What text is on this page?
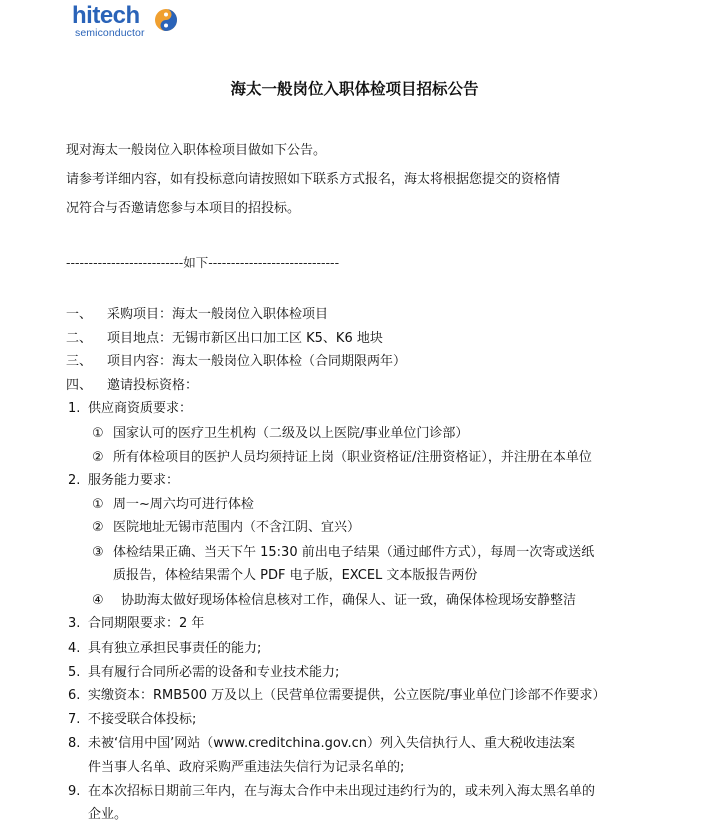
hitech
semiconductor
海太一般岗位入职体检项目招标公告
现对海太一般岗位入职体检项目做如下公告。
请参考详细内容，如有投标意向请按照如下联系方式报名，海太将根据您提交的资格情
况符合与否邀请您参与本项目的招投标。
--------------------------如下-----------------------------
一、 采购项目：海太一般岗位入职体检项目
二、 项目地点：无锡市新区出口加工区 K5、K6 地块
三、 项目内容：海太一般岗位入职体检（合同期限两年）
四、 邀请投标资格：
1. 供应商资质要求：
① 国家认可的医疗卫生机构（二级及以上医院/事业单位门诊部）
② 所有体检项目的医护人员均须持证上岗（职业资格证/注册资格证），并注册在本单位
2. 服务能力要求：
① 周一~周六均可进行体检
② 医院地址无锡市范围内（不含江阴、宜兴）
③ 体检结果正确、当天下午 15:30 前出电子结果（通过邮件方式），每周一次寄或送纸
质报告，体检结果需个人 PDF 电子版，EXCEL 文本版报告两份
④ 协助海太做好现场体检信息核对工作，确保人、证一致，确保体检现场安静整洁
3. 合同期限要求：2 年
4. 具有独立承担民事责任的能力;
5. 具有履行合同所必需的设备和专业技术能力;
6. 实缴资本：RMB500 万及以上（民营单位需要提供，公立医院/事业单位门诊部不作要求）
7. 不接受联合体投标;
8. 未被‘信用中国’网站（www.creditchina.gov.cn）列入失信执行人、重大税收违法案
件当事人名单、政府采购严重违法失信行为记录名单的;
9. 在本次招标日期前三年内，在与海太合作中未出现过违约行为的，或未列入海太黑名单的
企业。
